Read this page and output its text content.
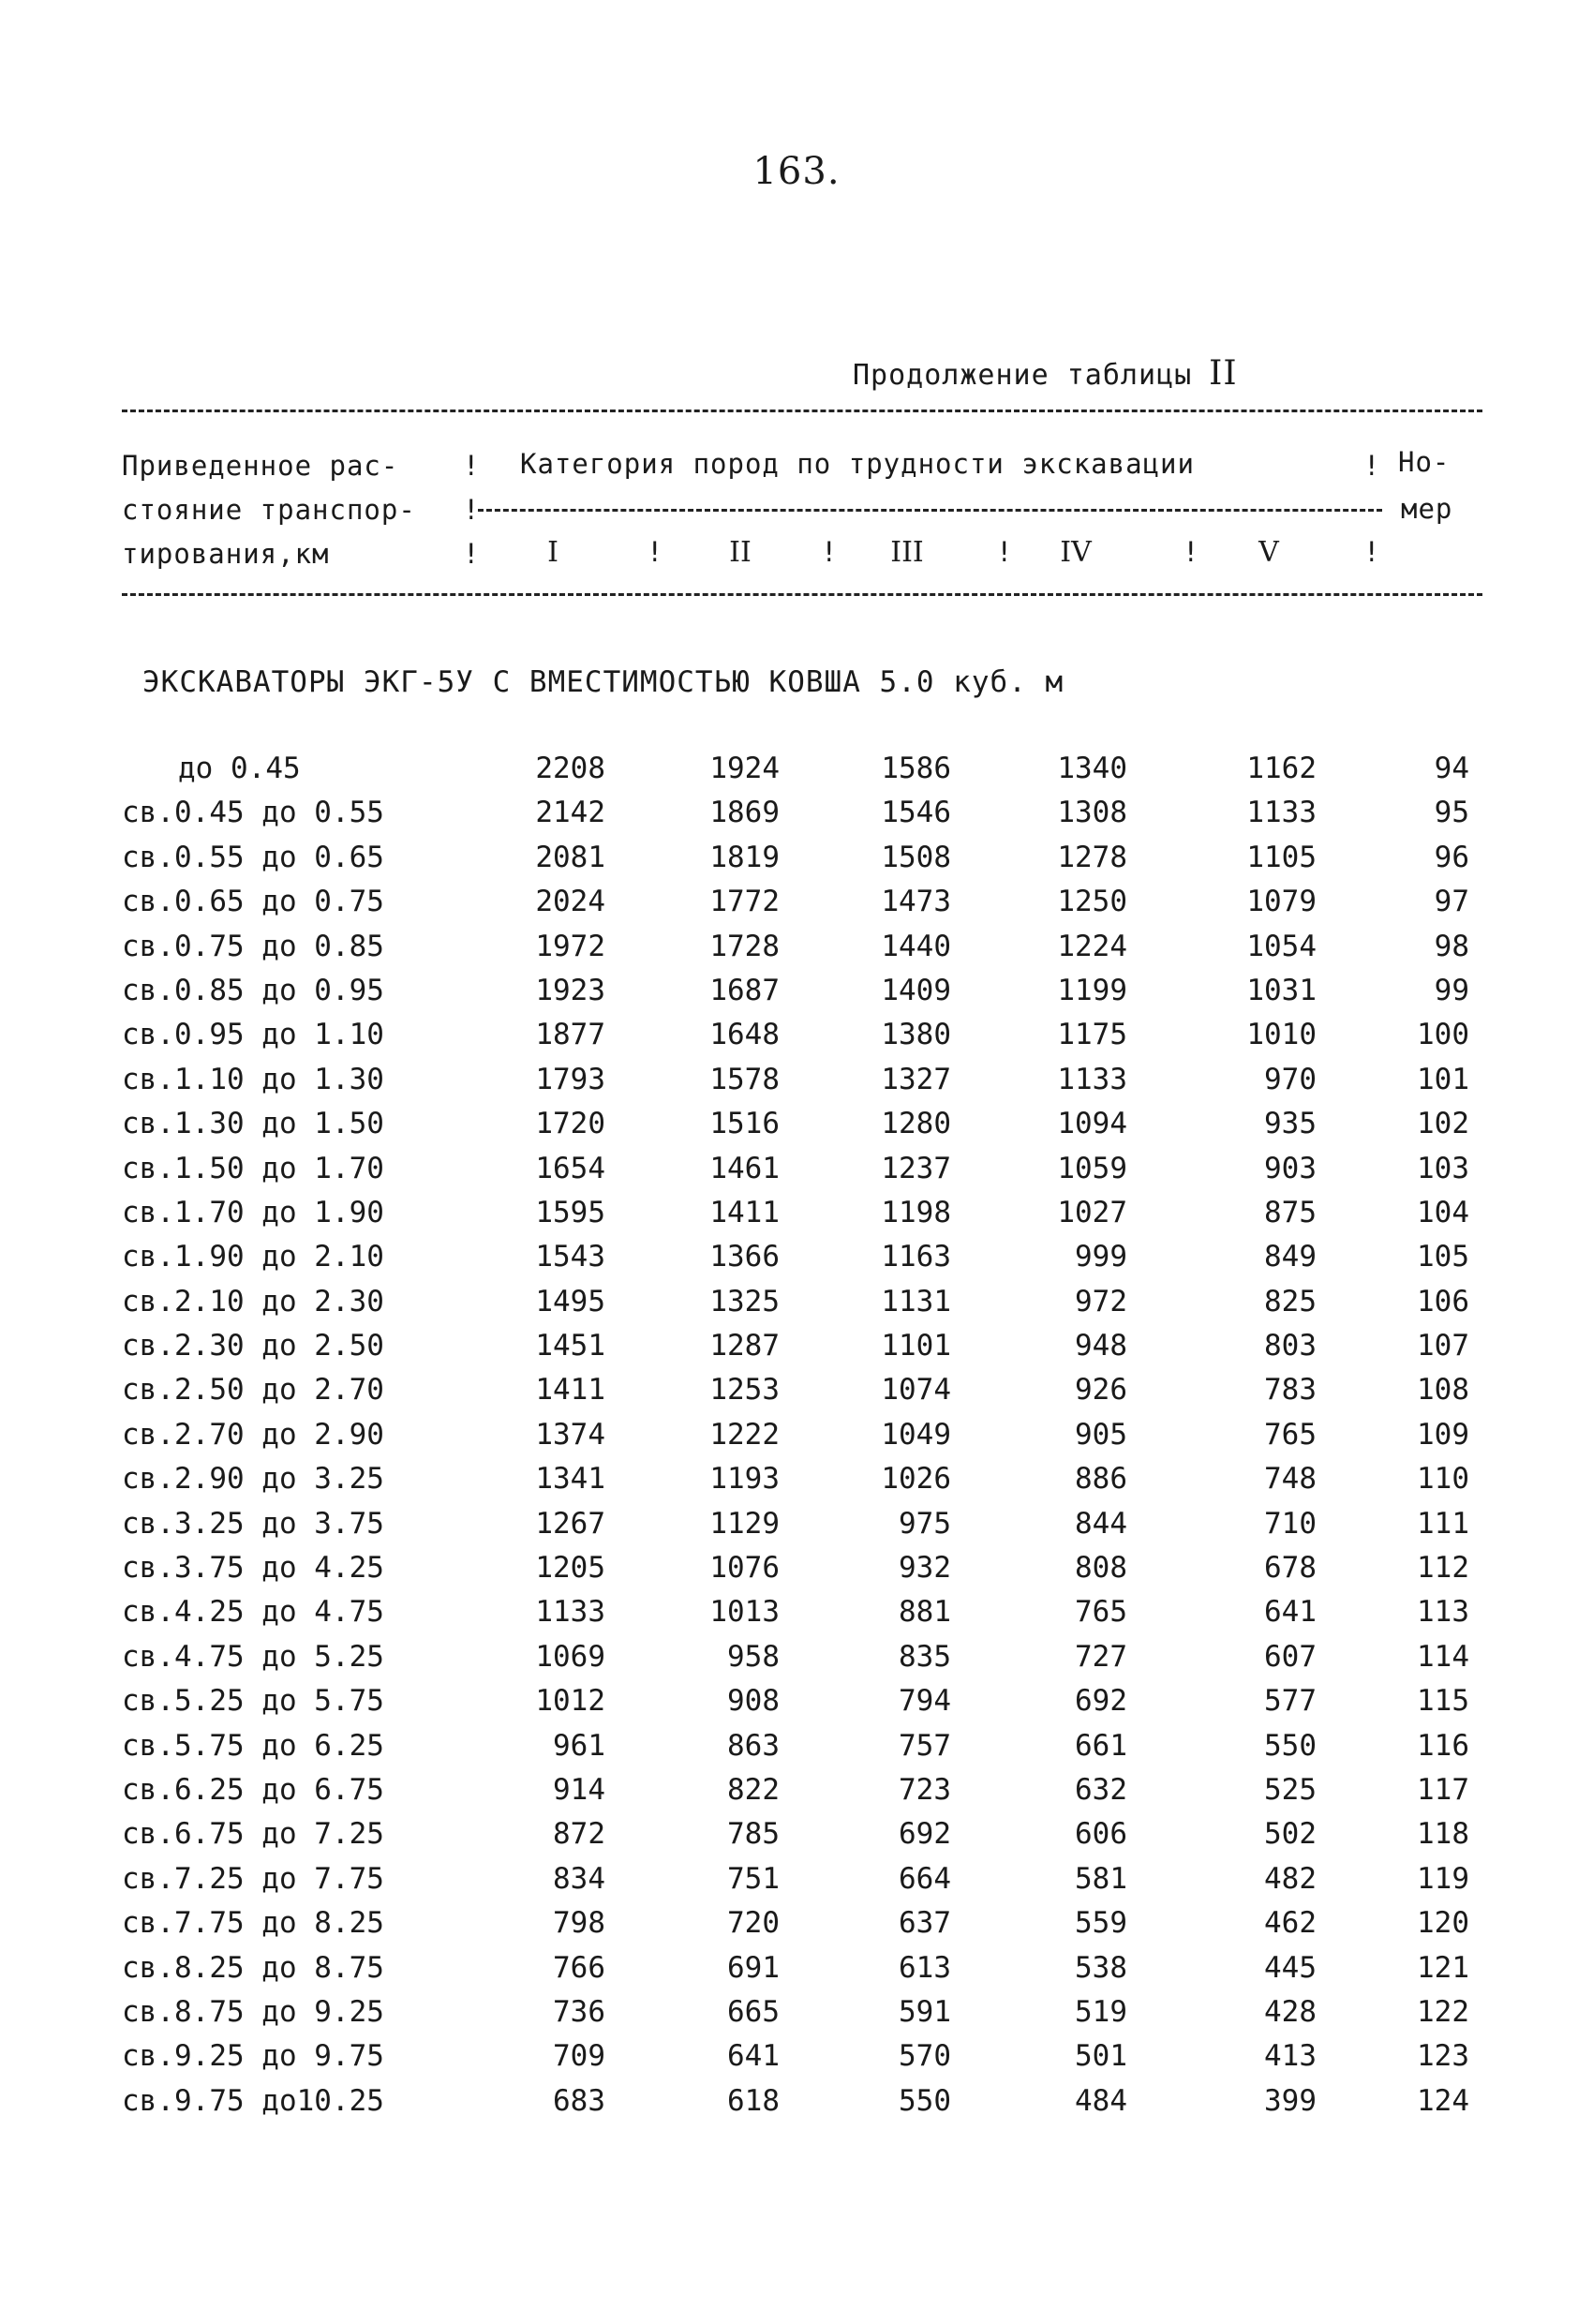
163.
Продолжение таблицы II
Приведенное рас-
стояние транспор-
тирования,км
!
!
!
Категория пород по трудности экскавации	! Но-
мер
I	!	II	!	III	!	IV	!	V	!
ЭКСКАВАТОРЫ ЭКГ-5У С ВМЕСТИМОСТЬЮ КОВША 5.0 куб. м
до 0.45	2208	1924	1586	1340	1162	94
св.0.45 до 0.55	2142	1869	1546	1308	1133	95
св.0.55 до 0.65	2081	1819	1508	1278	1105	96
св.0.65 до 0.75	2024	1772	1473	1250	1079	97
св.0.75 до 0.85	1972	1728	1440	1224	1054	98
св.0.85 до 0.95	1923	1687	1409	1199	1031	99
св.0.95 до 1.10	1877	1648	1380	1175	1010	100
св.1.10 до 1.30	1793	1578	1327	1133	970	101
св.1.30 до 1.50	1720	1516	1280	1094	935	102
св.1.50 до 1.70	1654	1461	1237	1059	903	103
св.1.70 до 1.90	1595	1411	1198	1027	875	104
св.1.90 до 2.10	1543	1366	1163	999	849	105
св.2.10 до 2.30	1495	1325	1131	972	825	106
св.2.30 до 2.50	1451	1287	1101	948	803	107
св.2.50 до 2.70	1411	1253	1074	926	783	108
св.2.70 до 2.90	1374	1222	1049	905	765	109
св.2.90 до 3.25	1341	1193	1026	886	748	110
св.3.25 до 3.75	1267	1129	975	844	710	111
св.3.75 до 4.25	1205	1076	932	808	678	112
св.4.25 до 4.75	1133	1013	881	765	641	113
св.4.75 до 5.25	1069	958	835	727	607	114
св.5.25 до 5.75	1012	908	794	692	577	115
св.5.75 до 6.25	961	863	757	661	550	116
св.6.25 до 6.75	914	822	723	632	525	117
св.6.75 до 7.25	872	785	692	606	502	118
св.7.25 до 7.75	834	751	664	581	482	119
св.7.75 до 8.25	798	720	637	559	462	120
св.8.25 до 8.75	766	691	613	538	445	121
св.8.75 до 9.25	736	665	591	519	428	122
св.9.25 до 9.75	709	641	570	501	413	123
св.9.75 до10.25	683	618	550	484	399	124
